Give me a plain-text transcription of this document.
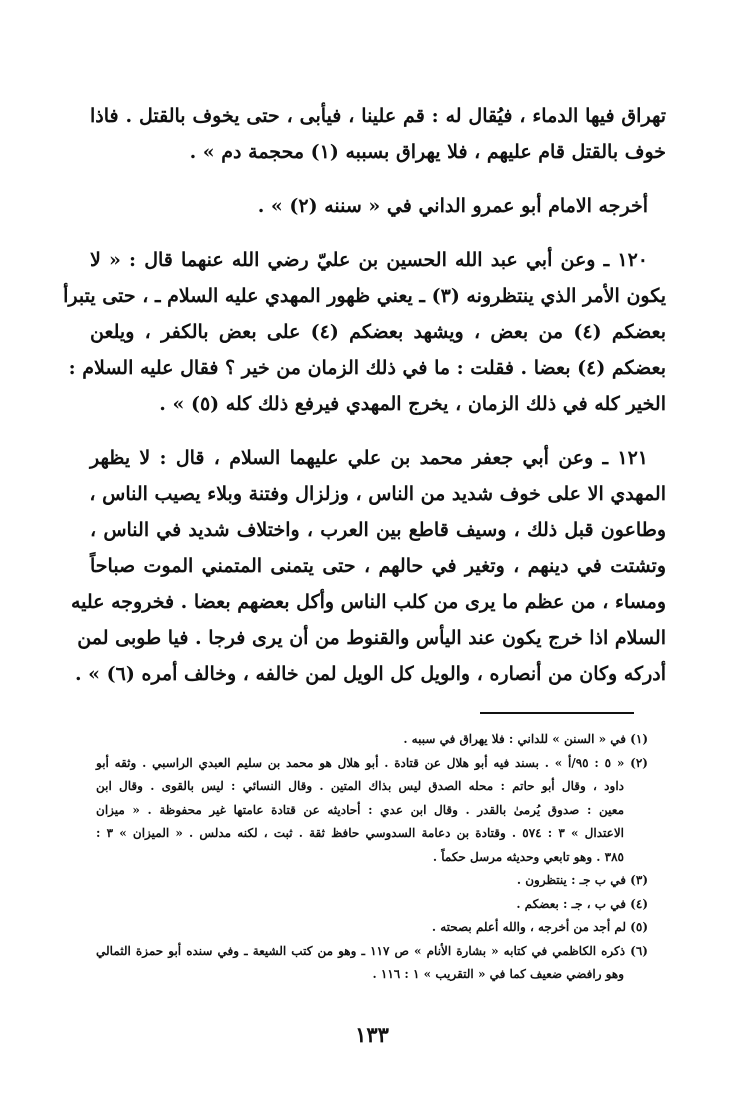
تهراق فيها الدماء ، فيُقال له : قم علينا ، فيأبى ، حتى يخوف بالقتل . فاذا
خوف بالقتل قام عليهم ، فلا يهراق بسببه (١) محجمة دم » .
أخرجه الامام أبو عمرو الداني في « سننه (٢) » .
١٢٠ ـ وعن أبي عبد الله الحسين بن عليّ رضي الله عنهما قال : « لا
يكون الأمر الذي ينتظرونه (٣) ـ يعني ظهور المهدي عليه السلام ـ ، حتى يتبرأ
بعضكم (٤) من بعض ، ويشهد بعضكم (٤) على بعض بالكفر ، ويلعن
بعضكم (٤) بعضا . فقلت : ما في ذلك الزمان من خير ؟ فقال عليه السلام :
الخير كله في ذلك الزمان ، يخرج المهدي فيرفع ذلك كله (٥) » .
١٢١ ـ وعن أبي جعفر محمد بن علي عليهما السلام ، قال : لا يظهر
المهدي الا على خوف شديد من الناس ، وزلزال وفتنة وبلاء يصيب الناس ،
وطاعون قبل ذلك ، وسيف قاطع بين العرب ، واختلاف شديد في الناس ،
وتشتت في دينهم ، وتغير في حالهم ، حتى يتمنى المتمني الموت صباحاً
ومساء ، من عظم ما يرى من كلب الناس وأكل بعضهم بعضا . فخروجه عليه
السلام اذا خرج يكون عند اليأس والقنوط من أن يرى فرجا . فيا طوبى لمن
أدركه وكان من أنصاره ، والويل كل الويل لمن خالفه ، وخالف أمره (٦) » .
(١) في « السنن » للداني : فلا يهراق في سببه .
(٢) « ٥ : ٩٥/أ » . بسند فيه أبو هلال عن قتادة . أبو هلال هو محمد بن سليم العبدي الراسبي . وثقه أبو
داود ، وقال أبو حاتم : محله الصدق ليس بذاك المتين . وقال النسائي : ليس بالقوى . وقال ابن
معين : صدوق يُرمىٰ بالقدر . وقال ابن عدي : أحاديثه عن قتادة عامتها غير محفوظة . « ميزان
الاعتدال » ٣ : ٥٧٤ . وقتادة بن دعامة السدوسي حافظ ثقة . ثبت ، لكنه مدلس . « الميزان » ٣ :
٣٨٥ . وهو تابعي وحديثه مرسل حكماً .
(٣) في ب جـ : ينتظرون .
(٤) في ب ، جـ : بعضكم .
(٥) لم أجد من أخرجه ، والله أعلم بصحته .
(٦) ذكره الكاظمي في كتابه « بشارة الأنام » ص ١١٧ ـ وهو من كتب الشيعة ـ وفي سنده أبو حمزة الثمالي
وهو رافضي ضعيف كما في « التقريب » ١ : ١١٦ .
١٣٣
